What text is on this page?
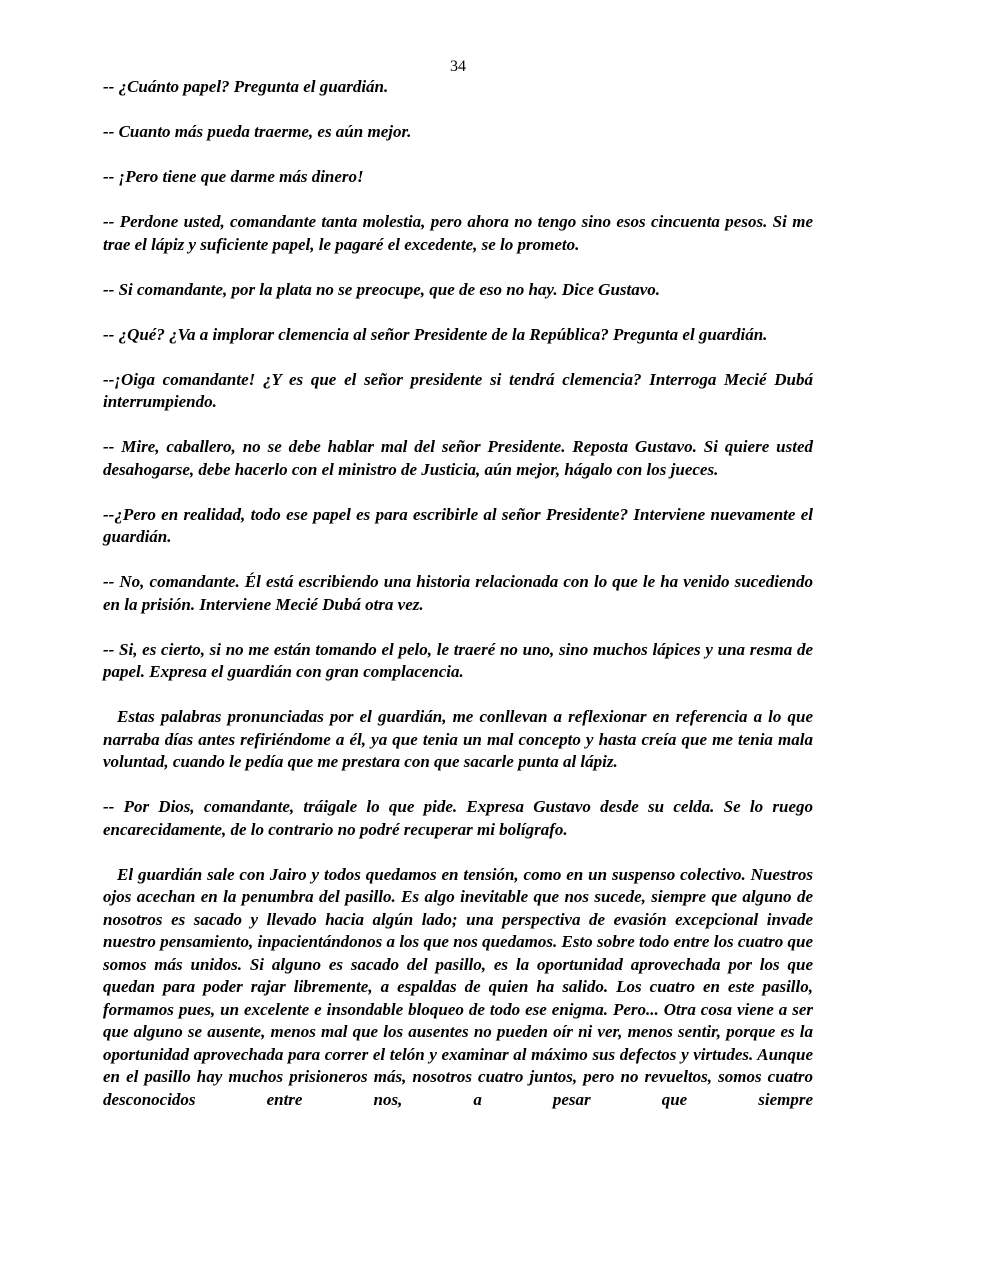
34

-- ¿Cuánto papel? Pregunta el guardián.

-- Cuanto más pueda traerme, es aún mejor.

-- ¡Pero tiene que darme más dinero!

-- Perdone usted, comandante tanta molestia, pero ahora no tengo sino esos cincuenta pesos. Si me trae el lápiz y suficiente papel, le pagaré el excedente, se lo prometo.

-- Si comandante, por la plata no se preocupe, que de eso no hay. Dice Gustavo.

-- ¿Qué? ¿Va a implorar clemencia al señor Presidente de la República? Pregunta el guardián.

--¡Oiga comandante! ¿Y es que el señor presidente si tendrá clemencia? Interroga Mecié Dubá interrumpiendo.

-- Mire, caballero, no se debe hablar mal del señor Presidente. Reposta Gustavo. Si quiere usted desahogarse, debe hacerlo con el ministro de Justicia, aún mejor, hágalo con los jueces.

--¿Pero en realidad, todo ese papel es para escribirle al señor Presidente? Interviene nuevamente el guardián.

-- No, comandante. Él está escribiendo una historia relacionada con lo que le ha venido sucediendo en la prisión. Interviene Mecié Dubá otra vez.

-- Si, es cierto, si no me están tomando el pelo, le traeré no uno, sino muchos lápices y una resma de papel. Expresa el guardián con gran complacencia.

Estas palabras pronunciadas por el guardián, me conllevan a reflexionar en referencia a lo que narraba días antes refiriéndome a él, ya que tenia un mal concepto y hasta creía que me tenia mala voluntad, cuando le pedía que me prestara con que sacarle punta al lápiz.

-- Por Dios, comandante, tráigale lo que pide. Expresa Gustavo desde su celda. Se lo ruego encarecidamente, de lo contrario no podré recuperar mi bolígrafo.

El guardián sale con Jairo y todos quedamos en tensión, como en un suspenso colectivo. Nuestros ojos acechan en la penumbra del pasillo. Es algo inevitable que nos sucede, siempre que alguno de nosotros es sacado y llevado hacia algún lado; una perspectiva de evasión excepcional invade nuestro pensamiento, inpacientándonos a los que nos quedamos. Esto sobre todo entre los cuatro que somos más unidos. Si alguno es sacado del pasillo, es la oportunidad aprovechada por los que quedan para poder rajar libremente, a espaldas de quien ha salido. Los cuatro en este pasillo, formamos pues, un excelente e insondable bloqueo de todo ese enigma. Pero... Otra cosa viene a ser que alguno se ausente, menos mal que los ausentes no pueden oír ni ver, menos sentir, porque es la oportunidad aprovechada para correr el telón y examinar al máximo sus defectos y virtudes. Aunque en el pasillo hay muchos prisioneros más, nosotros cuatro juntos, pero no revueltos, somos cuatro desconocidos entre nos, a pesar que siempre
